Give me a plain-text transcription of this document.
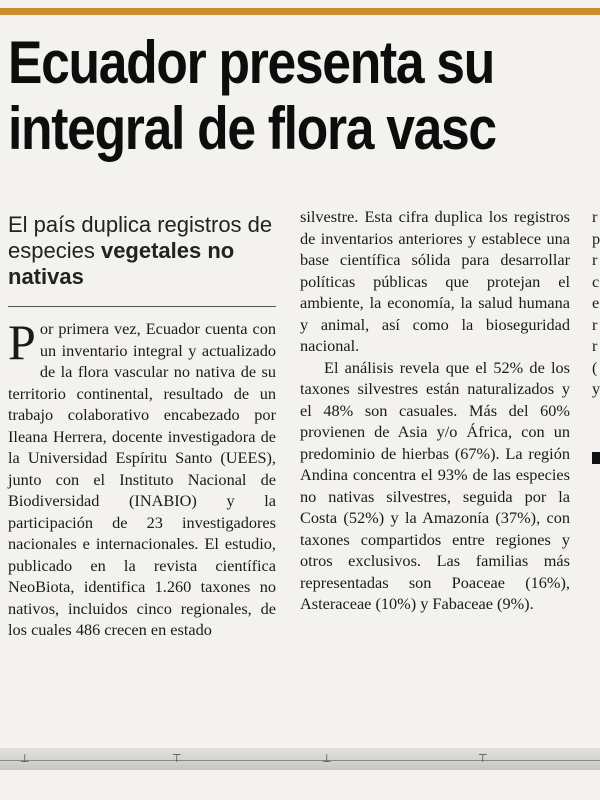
Ecuador presenta su
integral de flora vasc
El país duplica registros de especies vegetales no nativas

Por primera vez, Ecuador cuenta con un inventario integral y actualizado de la flora vascular no nativa de su territorio continental, resultado de un trabajo colaborativo encabezado por Ileana Herrera, docente investigadora de la Universidad Espíritu Santo (UEES), junto con el Instituto Nacional de Biodiversidad (INABIO) y la participación de 23 investigadores nacionales e internacionales. El estudio, publicado en la revista científica NeoBiota, identifica 1.260 taxones no nativos, incluidos cinco regionales, de los cuales 486 crecen en estado

silvestre. Esta cifra duplica los registros de inventarios anteriores y establece una base científica sólida para desarrollar políticas públicas que protejan el ambiente, la economía, la salud humana y animal, así como la bioseguridad nacional.

El análisis revela que el 52% de los taxones silvestres están naturalizados y el 48% son casuales. Más del 60% provienen de Asia y/o África, con un predominio de hierbas (67%). La región Andina concentra el 93% de las especies no nativas silvestres, seguida por la Costa (52%) y la Amazonía (37%), con taxones compartidos entre regiones y otros exclusivos. Las familias más representadas son Poaceae (16%), Asteraceae (10%) y Fabaceae (9%).

r
p
r
c
e
r
r
(
y
⊥	⊤	⊥	⊤
